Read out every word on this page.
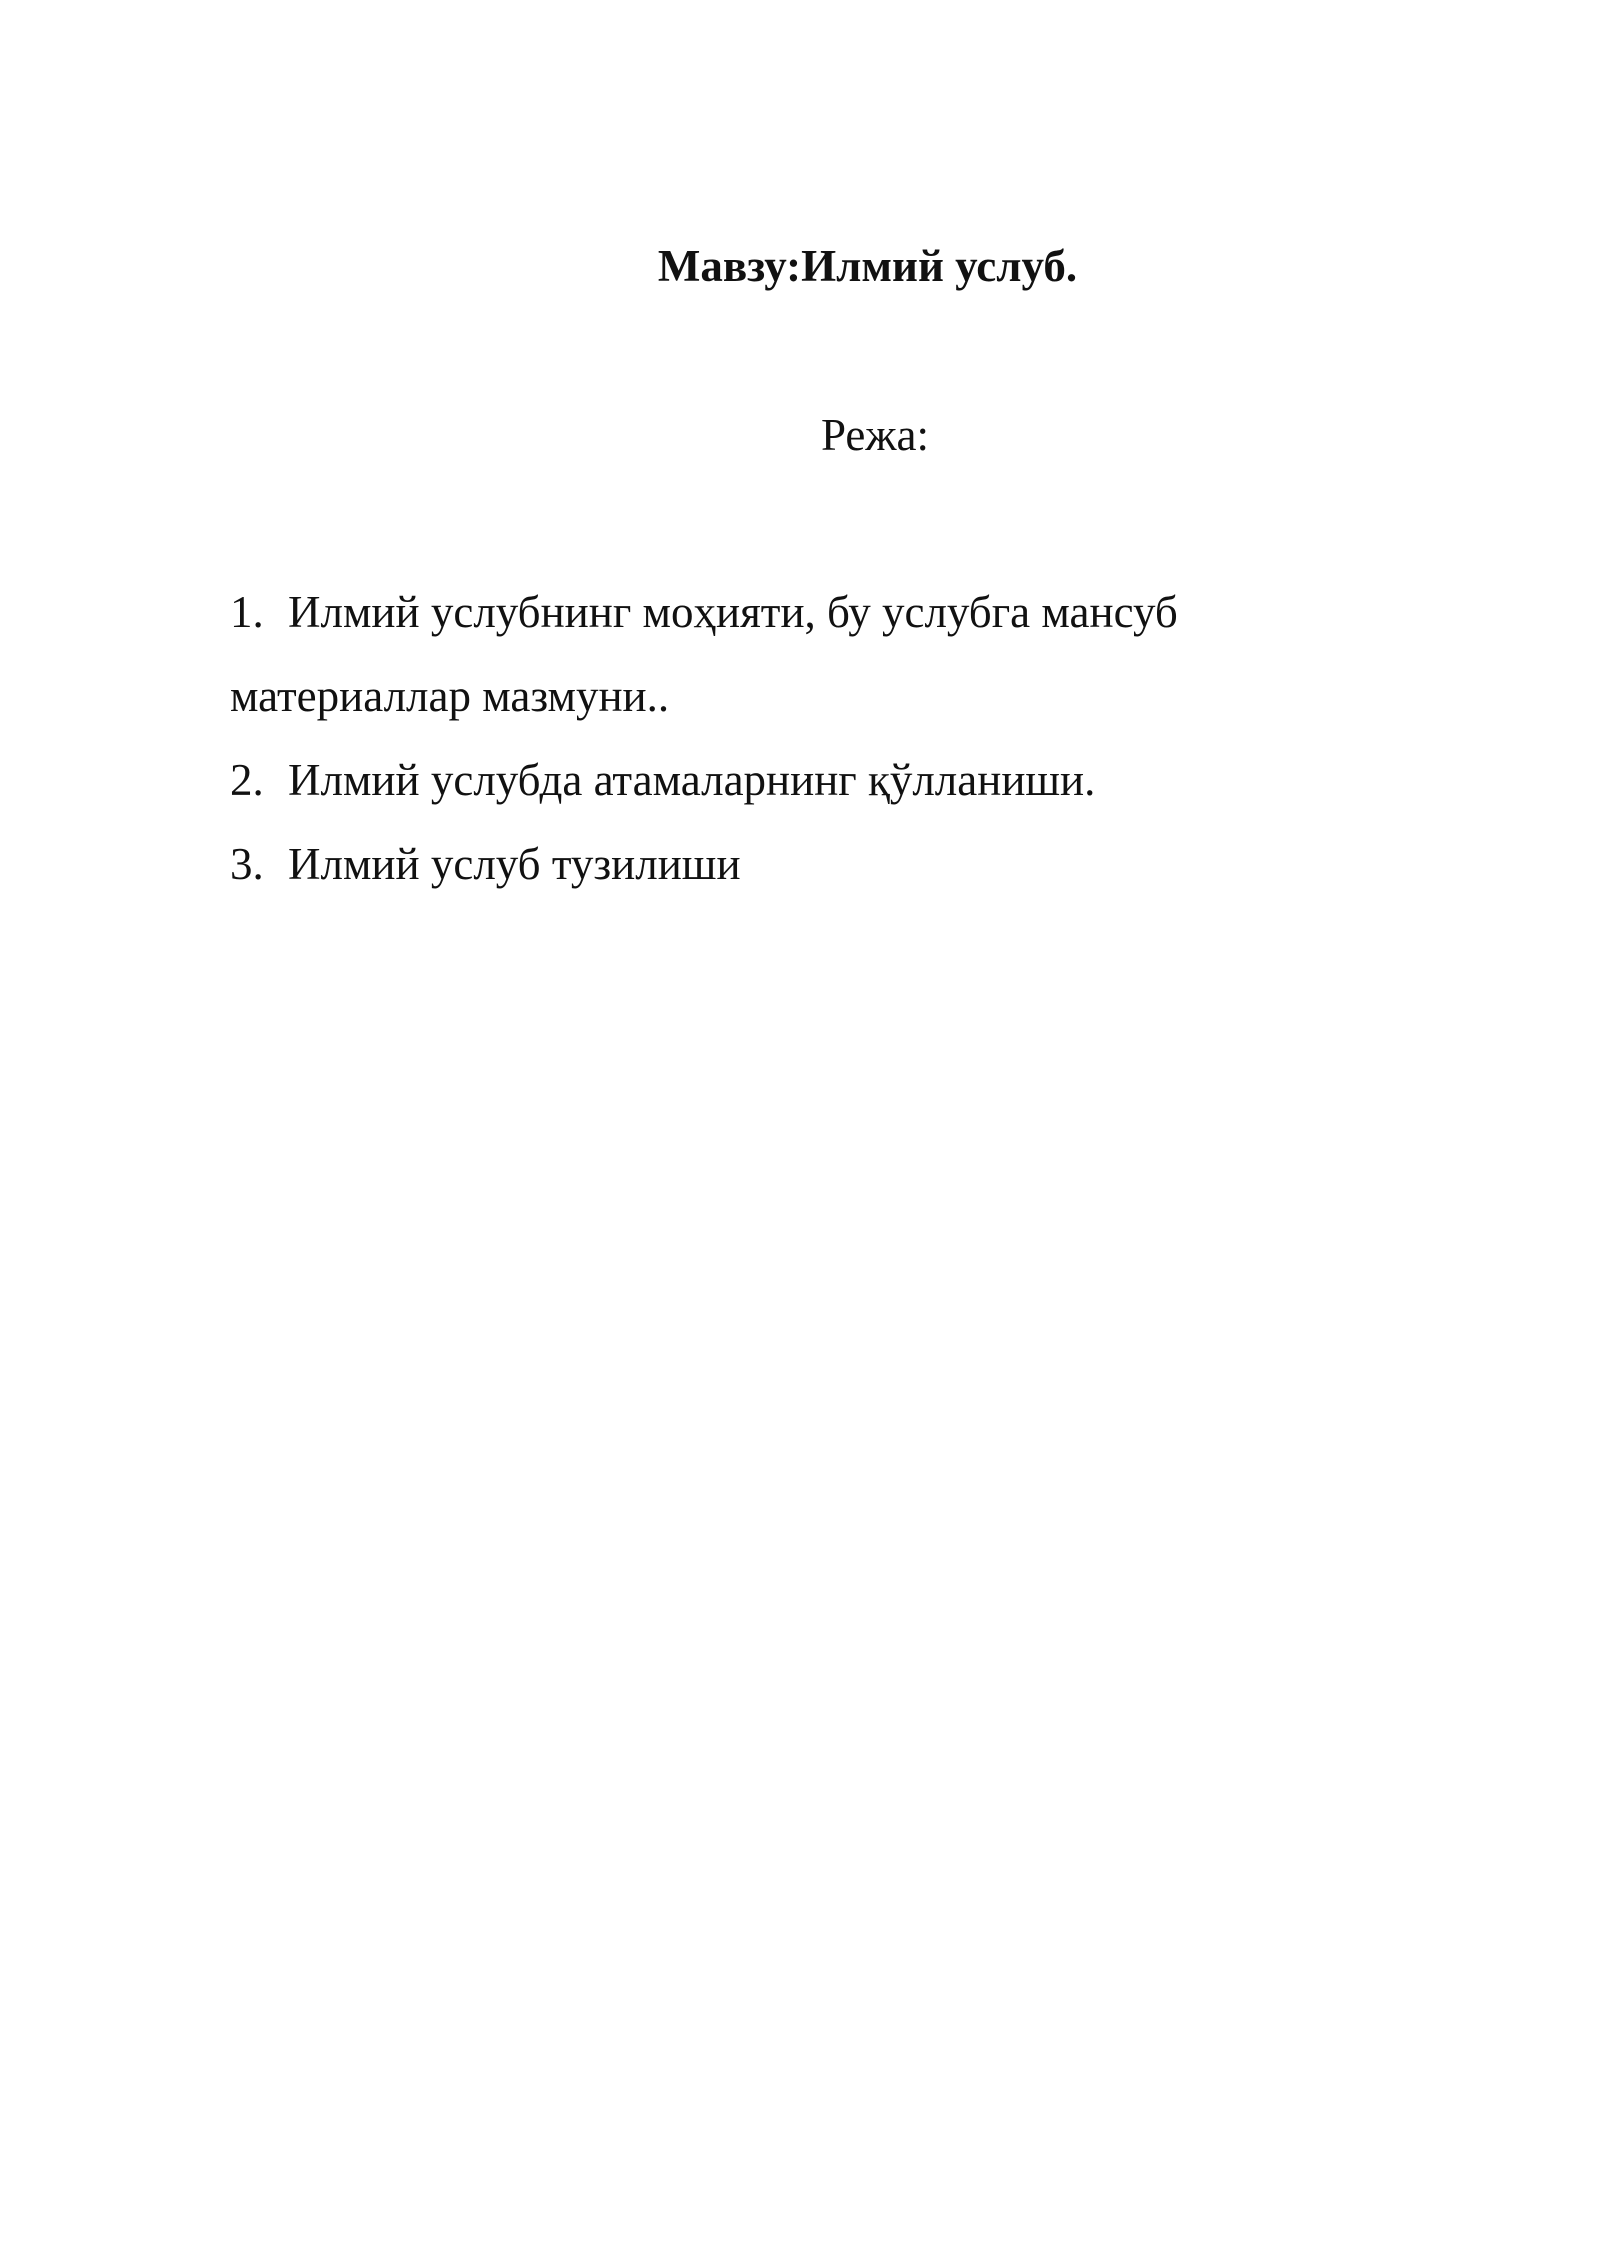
Мавзу:Илмий услуб.
Режа:
1. Илмий услубнинг моҳияти, бу услубга мансуб
материаллар мазмуни..
2. Илмий услубда атамаларнинг қўлланиши.
3. Илмий услуб тузилиши
